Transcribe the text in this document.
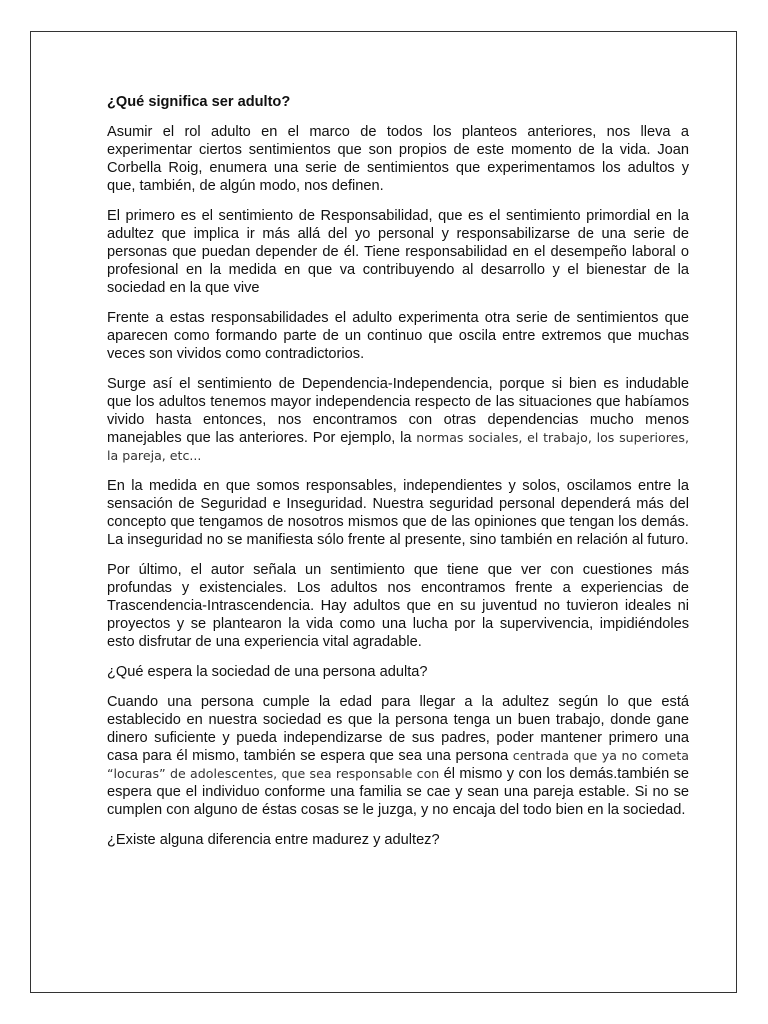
¿Qué significa ser adulto?

Asumir el rol adulto en el marco de todos los planteos anteriores, nos lleva a experimentar ciertos sentimientos que son propios de este momento de la vida. Joan Corbella Roig, enumera una serie de sentimientos que experimentamos los adultos y que, también, de algún modo, nos definen.

El primero es el sentimiento de Responsabilidad, que es el sentimiento primordial en la adultez que implica ir más allá del yo personal y responsabilizarse de una serie de personas que puedan depender de él. Tiene responsabilidad en el desempeño laboral o profesional en la medida en que va contribuyendo al desarrollo y el bienestar de la sociedad en la que vive

Frente a estas responsabilidades el adulto experimenta otra serie de sentimientos que aparecen como formando parte de un continuo que oscila entre extremos que muchas veces son vividos como contradictorios.

Surge así el sentimiento de Dependencia-Independencia, porque si bien es indudable que los adultos tenemos mayor independencia respecto de las situaciones que habíamos vivido hasta entonces, nos encontramos con otras dependencias mucho menos manejables que las anteriores. Por ejemplo, la normas sociales, el trabajo, los superiores, la pareja, etc...

En la medida en que somos responsables, independientes y solos, oscilamos entre la sensación de Seguridad e Inseguridad. Nuestra seguridad personal dependerá más del concepto que tengamos de nosotros mismos que de las opiniones que tengan los demás. La inseguridad no se manifiesta sólo frente al presente, sino también en relación al futuro.

Por último, el autor señala un sentimiento que tiene que ver con cuestiones más profundas y existenciales. Los adultos nos encontramos frente a experiencias de Trascendencia-Intrascendencia. Hay adultos que en su juventud no tuvieron ideales ni proyectos y se plantearon la vida como una lucha por la supervivencia, impidiéndoles esto disfrutar de una experiencia vital agradable.

¿Qué espera la sociedad de una persona adulta?

Cuando una persona cumple la edad para llegar a la adultez según lo que está establecido en nuestra sociedad es que la persona tenga un buen trabajo, donde gane dinero suficiente y pueda independizarse de sus padres, poder mantener primero una casa para él mismo, también se espera que sea una persona centrada que ya no cometa “locuras” de adolescentes, que sea responsable con él mismo y con los demás.también se espera que el individuo conforme una familia se cae y sean una pareja estable. Si no se cumplen con alguno de éstas cosas se le juzga, y no encaja del todo bien en la sociedad.

¿Existe alguna diferencia entre madurez y adultez?
